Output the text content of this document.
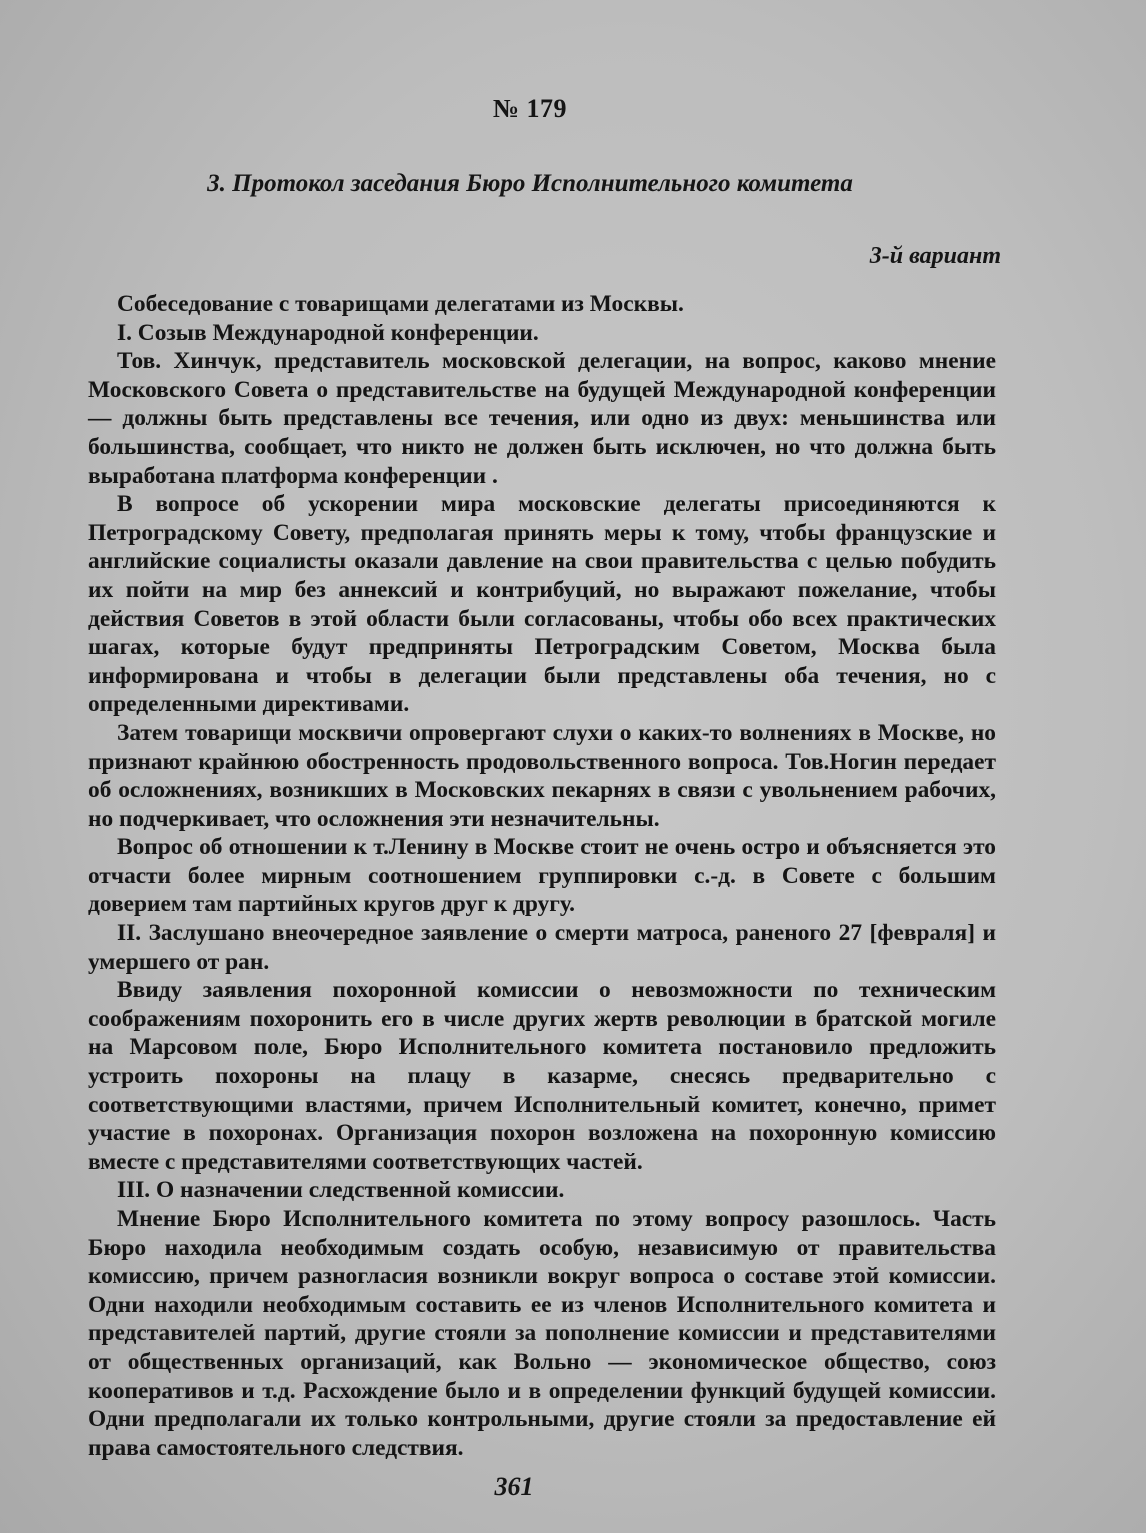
№ 179
3. Протокол заседания Бюро Исполнительного комитета
3-й вариант

Собеседование с товарищами делегатами из Москвы.

I. Созыв Международной конференции.

Тов. Хинчук, представитель московской делегации, на вопрос, каково мнение Московского Совета о представительстве на будущей Международной конференции — должны быть представлены все течения, или одно из двух: меньшинства или большинства, сообщает, что никто не должен быть исключен, но что должна быть выработана платформа конференции .

В вопросе об ускорении мира московские делегаты присоединяются к Петроградскому Совету, предполагая принять меры к тому, чтобы французские и английские социалисты оказали давление на свои правительства с целью побудить их пойти на мир без аннексий и контрибуций, но выражают пожелание, чтобы действия Советов в этой области были согласованы, чтобы обо всех практических шагах, которые будут предприняты Петроградским Советом, Москва была информирована и чтобы в делегации были представлены оба течения, но с определенными директивами.

Затем товарищи москвичи опровергают слухи о каких-то волнениях в Москве, но признают крайнюю обостренность продовольственного вопроса. Тов.Ногин передает об осложнениях, возникших в Московских пекарнях в связи с увольнением рабочих, но подчеркивает, что осложнения эти незначительны.

Вопрос об отношении к т.Ленину в Москве стоит не очень остро и объясняется это отчасти более мирным соотношением группировки с.-д. в Совете с большим доверием там партийных кругов друг к другу.

II. Заслушано внеочередное заявление о смерти матроса, раненого 27 [февраля] и умершего от ран.

Ввиду заявления похоронной комиссии о невозможности по техническим соображениям похоронить его в числе других жертв революции в братской могиле на Марсовом поле, Бюро Исполнительного комитета постановило предложить устроить похороны на плацу в казарме, снесясь предварительно с соответствующими властями, причем Исполнительный комитет, конечно, примет участие в похоронах. Организация похорон возложена на похоронную комиссию вместе с представителями соответствующих частей.

III. О назначении следственной комиссии.

Мнение Бюро Исполнительного комитета по этому вопросу разошлось. Часть Бюро находила необходимым создать особую, независимую от правительства комиссию, причем разногласия возникли вокруг вопроса о составе этой комиссии. Одни находили необходимым составить ее из членов Исполнительного комитета и представителей партий, другие стояли за пополнение комиссии и представителями от общественных организаций, как Вольно — экономическое общество, союз кооперативов и т.д. Расхождение было и в определении функций будущей комиссии. Одни предполагали их только контрольными, другие стояли за предоставление ей права самостоятельного следствия.

361
